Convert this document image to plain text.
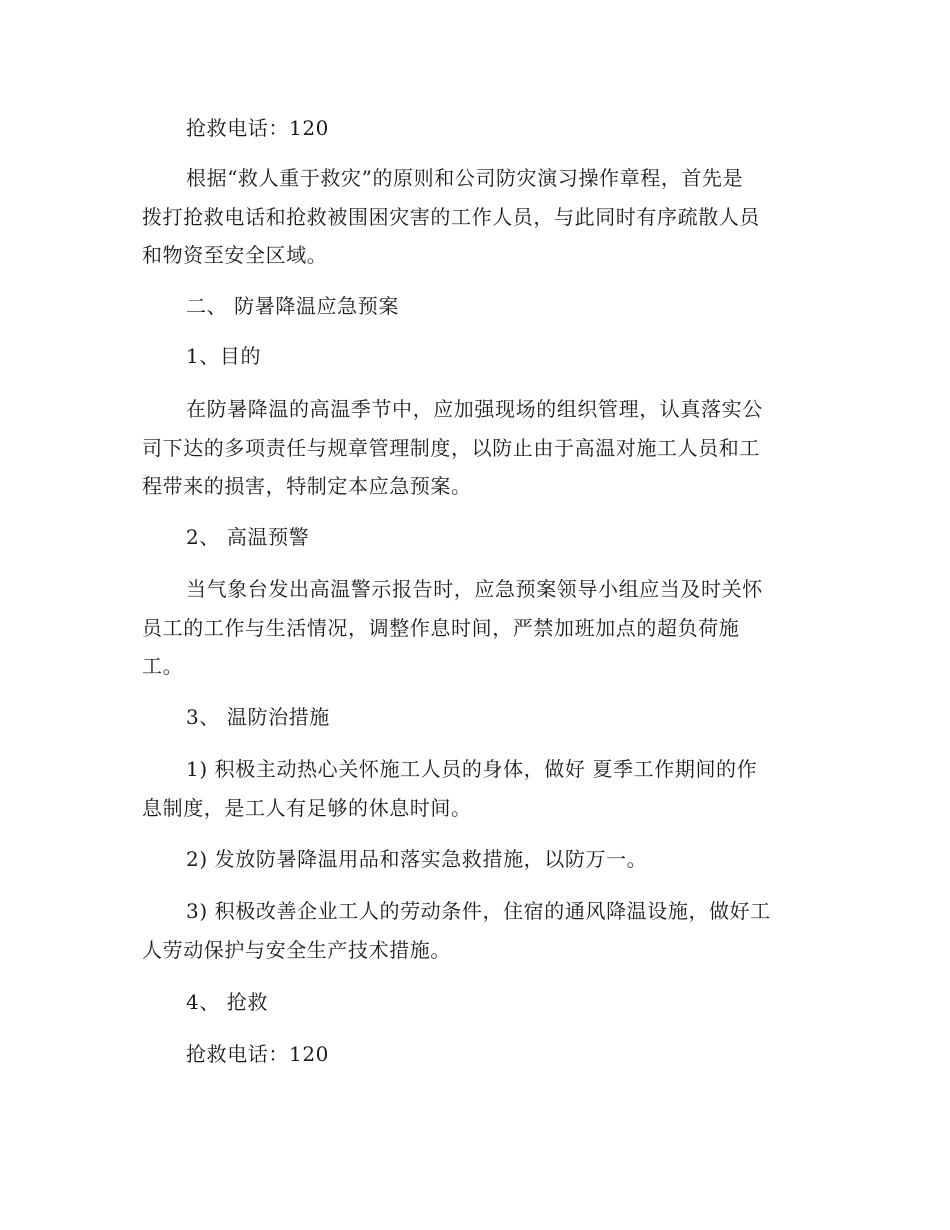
抢救电话：120
根据“救人重于救灾”的原则和公司防灾演习操作章程，首先是
拨打抢救电话和抢救被围困灾害的工作人员，与此同时有序疏散人员
和物资至安全区域。
二、 防暑降温应急预案
1、目的
在防暑降温的高温季节中，应加强现场的组织管理，认真落实公
司下达的多项责任与规章管理制度，以防止由于高温对施工人员和工
程带来的损害，特制定本应急预案。
2、 高温预警
当气象台发出高温警示报告时，应急预案领导小组应当及时关怀
员工的工作与生活情况，调整作息时间，严禁加班加点的超负荷施
工。
3、 温防治措施
1) 积极主动热心关怀施工人员的身体，做好 夏季工作期间的作
息制度，是工人有足够的休息时间。
2) 发放防暑降温用品和落实急救措施，以防万一。
3) 积极改善企业工人的劳动条件，住宿的通风降温设施，做好工
人劳动保护与安全生产技术措施。
4、 抢救
抢救电话：120
